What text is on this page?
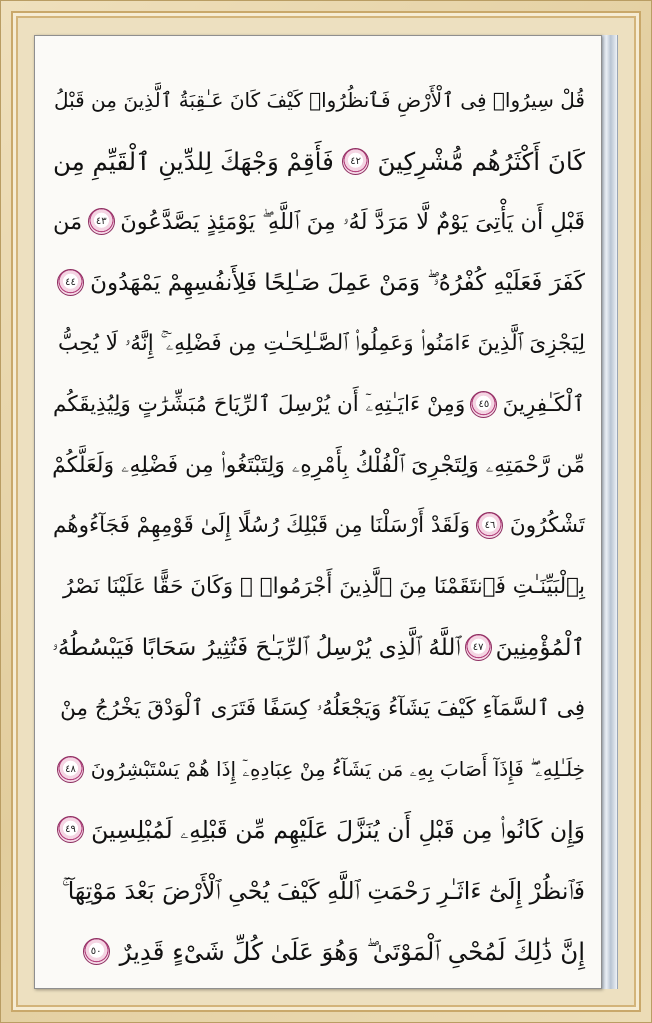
قُلْ سِيرُوا۟ فِى ٱلْأَرْضِ فَٱنظُرُوا۟ كَيْفَ كَانَ عَـٰقِبَةُ ٱلَّذِينَ مِن قَبْلُ
كَانَ أَكْثَرُهُم مُّشْرِكِينَ
٤٢
فَأَقِمْ وَجْهَكَ لِلدِّينِ ٱلْقَيِّمِ مِن
قَبْلِ أَن يَأْتِىَ يَوْمٌ لَّا مَرَدَّ لَهُۥ مِنَ ٱللَّهِ ۖ يَوْمَئِذٍ يَصَّدَّعُونَ
٤٣
مَن
كَفَرَ فَعَلَيْهِ كُفْرُهُۥ ۖ وَمَنْ عَمِلَ صَـٰلِحًا فَلِأَنفُسِهِمْ يَمْهَدُونَ
٤٤
لِيَجْزِىَ ٱلَّذِينَ ءَامَنُوا۟ وَعَمِلُوا۟ ٱلصَّـٰلِحَـٰتِ مِن فَضْلِهِۦٓ ۚ إِنَّهُۥ لَا يُحِبُّ
ٱلْكَـٰفِرِينَ
٤٥
وَمِنْ ءَايَـٰتِهِۦٓ أَن يُرْسِلَ ٱلرِّيَاحَ مُبَشِّرَٰتٍ وَلِيُذِيقَكُم
مِّن رَّحْمَتِهِۦ وَلِتَجْرِىَ ٱلْفُلْكُ بِأَمْرِهِۦ وَلِتَبْتَغُوا۟ مِن فَضْلِهِۦ وَلَعَلَّكُمْ
تَشْكُرُونَ
٤٦
وَلَقَدْ أَرْسَلْنَا مِن قَبْلِكَ رُسُلًا إِلَىٰ قَوْمِهِمْ فَجَآءُوهُم
بِٱلْبَيِّنَـٰتِ فَٱنتَقَمْنَا مِنَ ٱلَّذِينَ أَجْرَمُوا۟ ۖ وَكَانَ حَقًّا عَلَيْنَا نَصْرُ
ٱلْمُؤْمِنِينَ
٤٧
ٱللَّهُ ٱلَّذِى يُرْسِلُ ٱلرِّيَـٰحَ فَتُثِيرُ سَحَابًا فَيَبْسُطُهُۥ
فِى ٱلسَّمَآءِ كَيْفَ يَشَآءُ وَيَجْعَلُهُۥ كِسَفًا فَتَرَى ٱلْوَدْقَ يَخْرُجُ مِنْ
خِلَـٰلِهِۦ ۖ فَإِذَآ أَصَابَ بِهِۦ مَن يَشَآءُ مِنْ عِبَادِهِۦٓ إِذَا هُمْ يَسْتَبْشِرُونَ
٤٨
وَإِن كَانُوا۟ مِن قَبْلِ أَن يُنَزَّلَ عَلَيْهِم مِّن قَبْلِهِۦ لَمُبْلِسِينَ
٤٩
فَٱنظُرْ إِلَىٰٓ ءَاثَـٰرِ رَحْمَتِ ٱللَّهِ كَيْفَ يُحْىِ ٱلْأَرْضَ بَعْدَ مَوْتِهَآ ۚ
إِنَّ ذَٰلِكَ لَمُحْىِ ٱلْمَوْتَىٰ ۖ وَهُوَ عَلَىٰ كُلِّ شَىْءٍ قَدِيرٌ
٥٠
